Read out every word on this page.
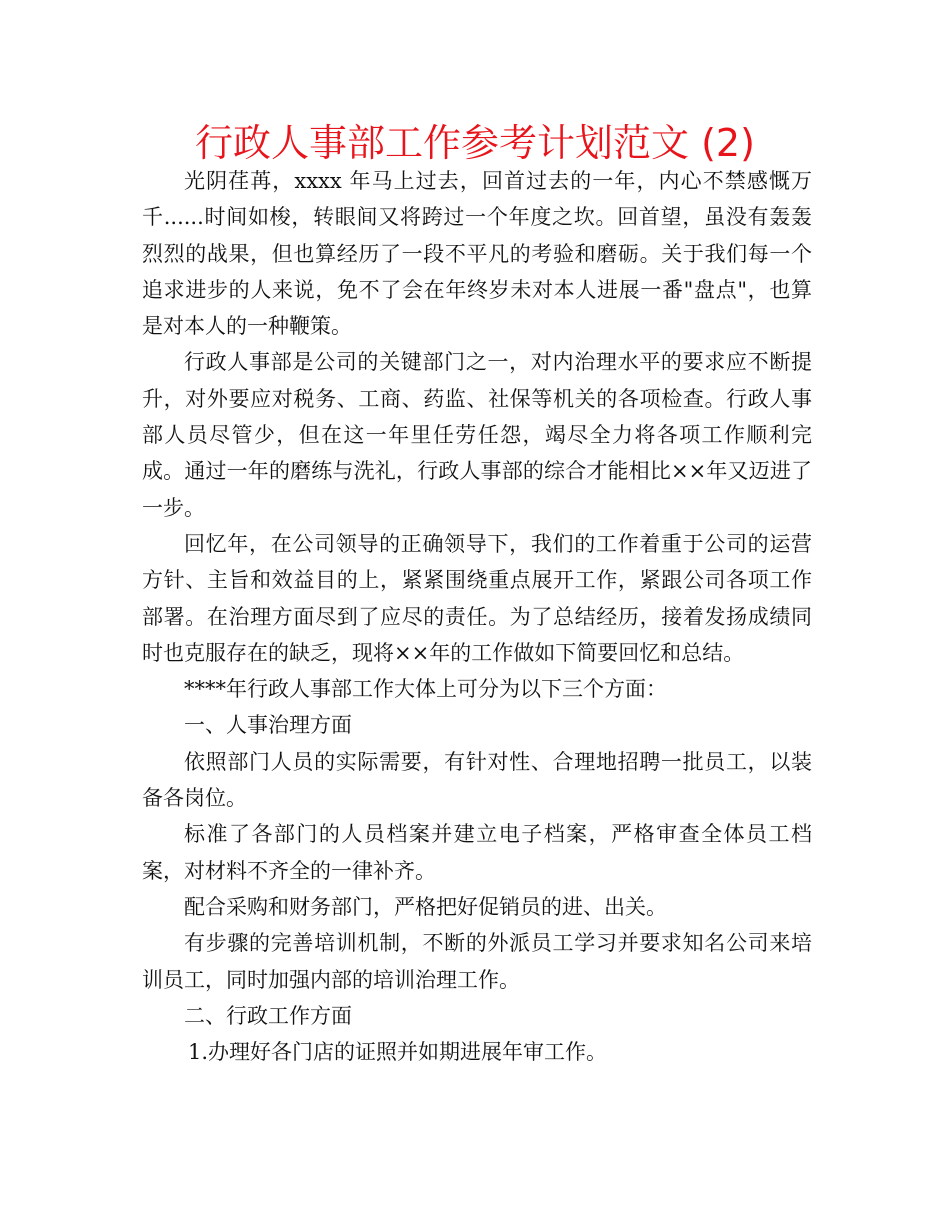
行政人事部工作参考计划范文 (2)

光阴荏苒，xxxx 年马上过去，回首过去的一年，内心不禁感慨万千......时间如梭，转眼间又将跨过一个年度之坎。回首望，虽没有轰轰烈烈的战果，但也算经历了一段不平凡的考验和磨砺。关于我们每一个追求进步的人来说，免不了会在年终岁未对本人进展一番"盘点"，也算是对本人的一种鞭策。

行政人事部是公司的关键部门之一，对内治理水平的要求应不断提升，对外要应对税务、工商、药监、社保等机关的各项检查。行政人事部人员尽管少，但在这一年里任劳任怨，竭尽全力将各项工作顺利完成。通过一年的磨练与洗礼，行政人事部的综合才能相比××年又迈进了一步。

回忆年，在公司领导的正确领导下，我们的工作着重于公司的运营方针、主旨和效益目的上，紧紧围绕重点展开工作，紧跟公司各项工作部署。在治理方面尽到了应尽的责任。为了总结经历，接着发扬成绩同时也克服存在的缺乏，现将××年的工作做如下简要回忆和总结。

****年行政人事部工作大体上可分为以下三个方面：

一、人事治理方面

依照部门人员的实际需要，有针对性、合理地招聘一批员工，以装备各岗位。

标准了各部门的人员档案并建立电子档案，严格审查全体员工档案，对材料不齐全的一律补齐。

配合采购和财务部门，严格把好促销员的进、出关。

有步骤的完善培训机制，不断的外派员工学习并要求知名公司来培训员工，同时加强内部的培训治理工作。

二、行政工作方面

1.办理好各门店的证照并如期进展年审工作。
